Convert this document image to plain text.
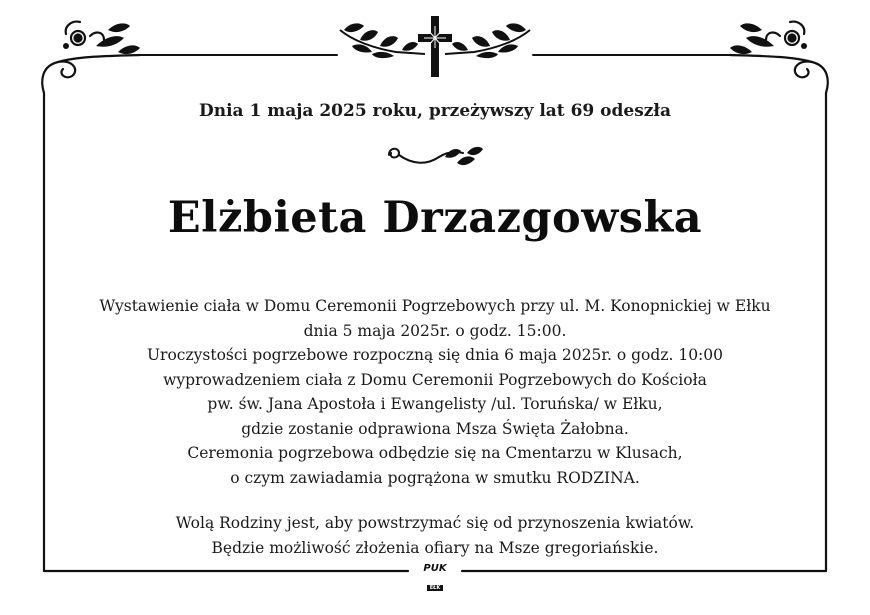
Dnia 1 maja 2025 roku, przeżywszy lat 69 odeszła
Elżbieta Drzazgowska
Wystawienie ciała w Domu Ceremonii Pogrzebowych przy ul. M. Konopnickiej w Ełku
dnia 5 maja 2025r. o godz. 15:00.
Uroczystości pogrzebowe rozpoczną się dnia 6 maja 2025r. o godz. 10:00
wyprowadzeniem ciała z Domu Ceremonii Pogrzebowych do Kościoła
pw. św. Jana Apostoła i Ewangelisty /ul. Toruńska/ w Ełku,
gdzie zostanie odprawiona Msza Święta Żałobna.
Ceremonia pogrzebowa odbędzie się na Cmentarzu w Klusach,
o czym zawiadamia pogrążona w smutku RODZINA.
Wolą Rodziny jest, aby powstrzymać się od przynoszenia kwiatów.
Będzie możliwość złożenia ofiary na Msze gregoriańskie.
PUK
EŁK
